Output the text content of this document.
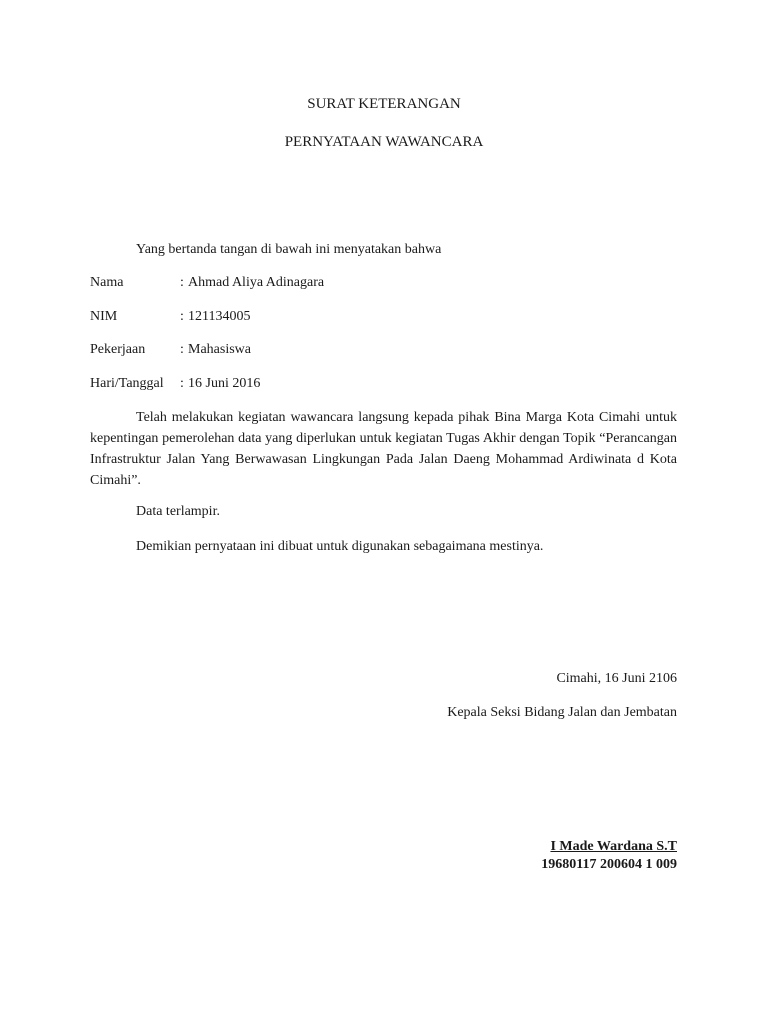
SURAT KETERANGAN
PERNYATAAN WAWANCARA
Yang bertanda tangan di bawah ini menyatakan bahwa
Nama	: Ahmad Aliya Adinagara
NIM	: 121134005
Pekerjaan : Mahasiswa
Hari/Tanggal : 16 Juni 2016

Telah melakukan kegiatan wawancara langsung kepada pihak Bina Marga Kota Cimahi untuk kepentingan pemerolehan data yang diperlukan untuk kegiatan Tugas Akhir dengan Topik “Perancangan Infrastruktur Jalan Yang Berwawasan Lingkungan Pada Jalan Daeng Mohammad Ardiwinata d Kota Cimahi”.

Data terlampir.
Demikian pernyataan ini dibuat untuk digunakan sebagaimana mestinya.
Cimahi, 16 Juni 2106
Kepala Seksi Bidang Jalan dan Jembatan
I Made Wardana S.T
19680117 200604 1 009
